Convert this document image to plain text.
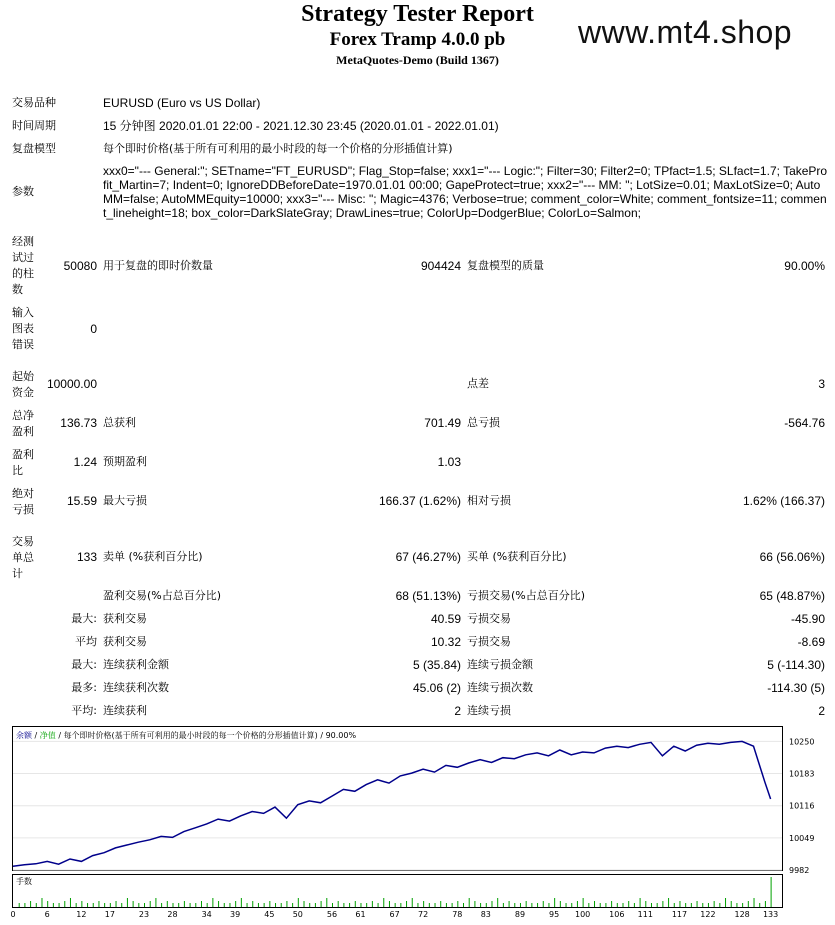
Strategy Tester Report
Forex Tramp 4.0.0 pb
MetaQuotes-Demo (Build 1367)
www.mt4.shop
交易品种	EURUSD (Euro vs US Dollar)
时间周期	15 分钟图 2020.01.01 22:00 - 2021.12.30 23:45 (2020.01.01 - 2022.01.01)
复盘模型	每个即时价格(基于所有可利用的最小时段的每一个价格的分形插值计算)
参数
xxx0="--- General:"; SETname="FT_EURUSD"; Flag_Stop=false; xxx1="--- Logic:"; Filter=30; Filter2=0; TPfact=1.5; SLfact=1.7; TakeProfit_Martin=7; Indent=0; IgnoreDDBeforeDate=1970.01.01 00:00; GapeProtect=true; xxx2="--- MM: "; LotSize=0.01; MaxLotSize=0; AutoMM=false; AutoMMEquity=10000; xxx3="--- Misc: "; Magic=4376; Verbose=true; comment_color=White; comment_fontsize=11; comment_lineheight=18; box_color=DarkSlateGray; DrawLines=true; ColorUp=DodgerBlue; ColorLo=Salmon;
经测试过的柱数
50080 用于复盘的即时价数量	904424 复盘模型的质量	90.00%
输入图表错误
0
起始资金
10000.00	点差	3
总净盈利
136.73 总获利	701.49 总亏损	-564.76
盈利比
1.24 预期盈利	1.03
绝对亏损
15.59 最大亏损	166.37 (1.62%) 相对亏损	1.62% (166.37)
交易单总计
133 卖单 (%获利百分比)	67 (46.27%) 买单 (%获利百分比)	66 (56.06%)
盈利交易(%占总百分比)	68 (51.13%) 亏损交易(%占总百分比)	65 (48.87%)
最大: 获利交易	40.59 亏损交易	-45.90
平均 获利交易	10.32 亏损交易	-8.69
最大: 连续获利金额	5 (35.84) 连续亏损金额	5 (-114.30)
最多: 连续获利次数	45.06 (2) 连续亏损次数	-114.30 (5)
平均: 连续获利	2 连续亏损	2
余额 / 净值 / 每个即时价格(基于所有可利用的最小时段的每一个价格的分形插值计算) / 90.00%
10250
10183
10116
10049
9982
手数
0	6	12 17	23 28	34 39	45 50	56 61	67 72	78 83	89	95 100 106 111 117 122 128 133
